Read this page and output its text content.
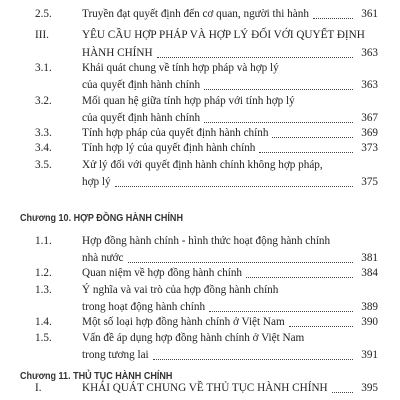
2.5.	Truyền đạt quyết định đến cơ quan, người thi hành	361
III.	YÊU CẦU HỢP PHÁP VÀ HỢP LÝ ĐỐI VỚI QUYẾT ĐỊNH
HÀNH CHÍNH	363
3.1.	Khái quát chung về tính hợp pháp và hợp lý
của quyết định hành chính	363
3.2.	Mối quan hệ giữa tính hợp pháp với tính hợp lý
của quyết định hành chính	367
3.3.	Tính hợp pháp của quyết định hành chính	369
3.4.	Tính hợp lý của quyết định hành chính	373
3.5.	Xử lý đối với quyết định hành chính không hợp pháp,
hợp lý	375
Chương 10. HỢP ĐỒNG HÀNH CHÍNH
1.1.	Hợp đồng hành chính - hình thức hoạt động hành chính
nhà nước	381
1.2.	Quan niệm về hợp đồng hành chính	384
1.3.	Ý nghĩa và vai trò của hợp đồng hành chính
trong hoạt động hành chính	389
1.4.	Một số loại hợp đồng hành chính ở Việt Nam	390
1.5.	Vấn đề áp dụng hợp đồng hành chính ở Việt Nam
trong tương lai	391
Chương 11. THỦ TỤC HÀNH CHÍNH
I.	KHÁI QUÁT CHUNG VỀ THỦ TỤC HÀNH CHÍNH	395
